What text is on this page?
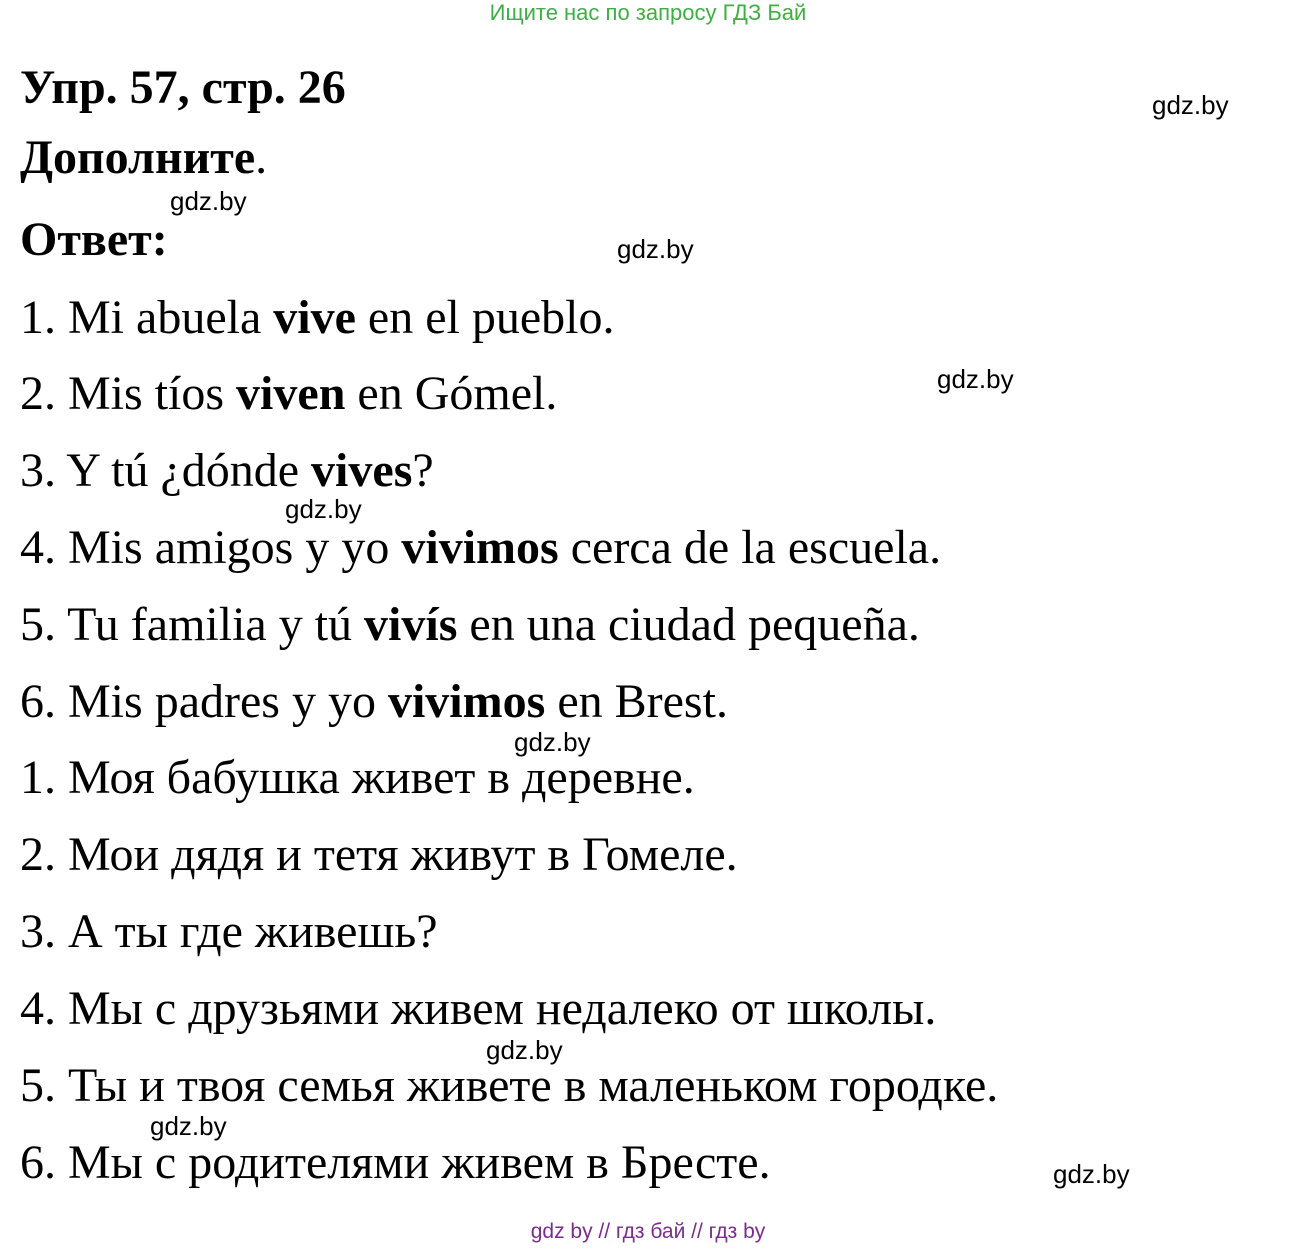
Ищите нас по запросу ГДЗ Бай
Упр. 57, стр. 26
Дополните.
Ответ:
1. Mi abuela vive en el pueblo.
2. Mis tíos viven en Gómel.
3. Y tú ¿dónde vives?
4. Mis amigos y yo vivimos cerca de la escuela.
5. Tu familia y tú vivís en una ciudad pequeña.
6. Mis padres y yo vivimos en Brest.
1. Моя бабушка живет в деревне.
2. Мои дядя и тетя живут в Гомеле.
3. А ты где живешь?
4. Мы с друзьями живем недалеко от школы.
5. Ты и твоя семья живете в маленьком городке.
6. Мы с родителями живем в Бресте.
gdz.by
gdz.by
gdz.by
gdz.by
gdz.by
gdz.by
gdz.by
gdz.by
gdz.by
gdz by // гдз бай // гдз by
